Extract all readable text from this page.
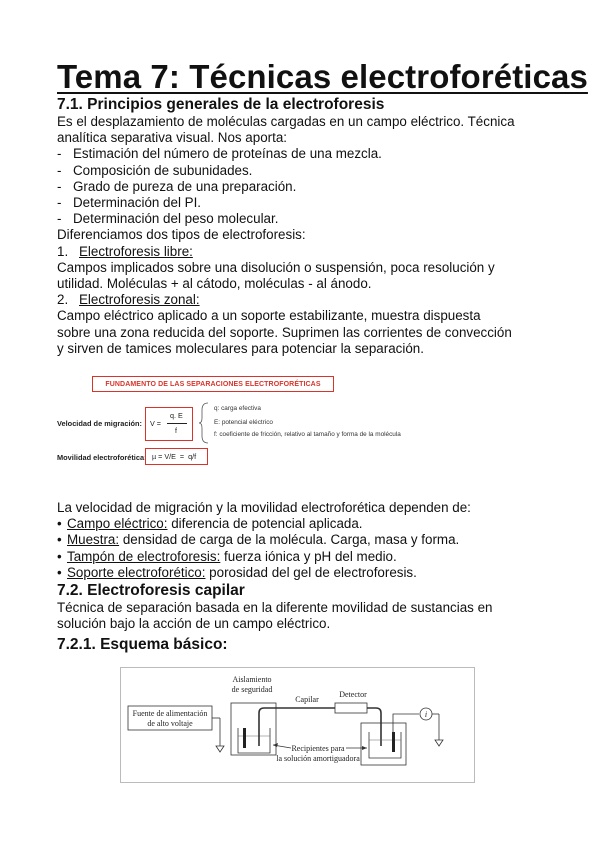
Tema 7: Técnicas electroforéticas
7.1. Principios generales de la electroforesis

Es el desplazamiento de moléculas cargadas en un campo eléctrico. Técnica

analítica separativa visual. Nos aporta:

- Estimación del número de proteínas de una mezcla.

- Composición de subunidades.

- Grado de pureza de una preparación.

- Determinación del PI.

- Determinación del peso molecular.

Diferenciamos dos tipos de electroforesis:

1. Electroforesis libre:

Campos implicados sobre una disolución o suspensión, poca resolución y

utilidad. Moléculas + al cátodo, moléculas - al ánodo.

2. Electroforesis zonal:

Campo eléctrico aplicado a un soporte estabilizante, muestra dispuesta

sobre una zona reducida del soporte. Suprimen las corrientes de convección

y sirven de tamices moleculares para potenciar la separación.

FUNDAMENTO DE LAS SEPARACIONES ELECTROFORÉTICAS
Velocidad de migración: V =
q. E
f
q: carga efectiva
E: potencial eléctrico
f: coeficiente de fricción, relativo al tamaño y forma de la molécula
Movilidad electroforética: µ = V/E  =  q/f

La velocidad de migración y la movilidad electroforética dependen de:

• Campo eléctrico: diferencia de potencial aplicada.

• Muestra: densidad de carga de la molécula. Carga, masa y forma.

• Tampón de electroforesis: fuerza iónica y pH del medio.

• Soporte electroforético: porosidad del gel de electroforesis.

7.2. Electroforesis capilar

Técnica de separación basada en la diferente movilidad de sustancias en

solución bajo la acción de un campo eléctrico.

7.2.1. Esquema básico:
Fuente de alimentación
de alto voltaje
Aislamiento
de seguridad
Capilar
Detector
i
Recipientes para
la solución amortiguadora
